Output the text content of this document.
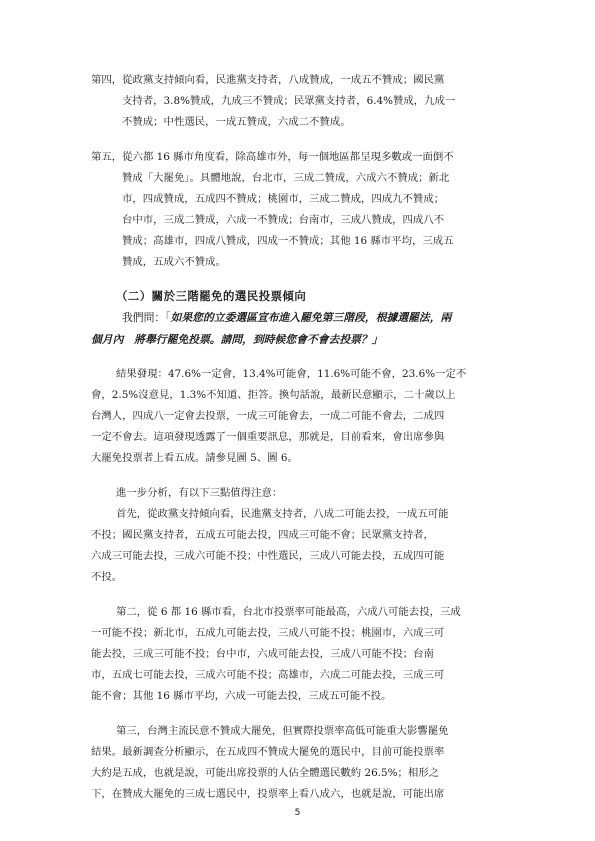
第四，從政黨支持傾向看，民進黨支持者，八成贊成，一成五不贊成；國民黨
支持者，3.8%贊成，九成三不贊成；民眾黨支持者，6.4%贊成，九成一
不贊成；中性選民，一成五贊成，六成二不贊成。
第五，從六都 16 縣市角度看，除高雄市外，每一個地區都呈現多數或一面倒不
贊成「大罷免」。具體地說，台北市，三成二贊成，六成六不贊成；新北
市，四成贊成，五成四不贊成；桃園市，三成二贊成，四成九不贊成；
台中市，三成二贊成，六成一不贊成；台南市，三成八贊成，四成八不
贊成；高雄市，四成八贊成，四成一不贊成；其他 16 縣市平均，三成五
贊成，五成六不贊成。
（二）關於三階罷免的選民投票傾向
我們問：「如果您的立委選區宣布進入罷免第三階段，根據選罷法，兩
個月內　將舉行罷免投票。請問，到時候您會不會去投票？」
結果發現：47.6%一定會，13.4%可能會，11.6%可能不會，23.6%一定不
會，2.5%沒意見，1.3%不知道、拒答。換句話說，最新民意顯示，二十歲以上
台灣人，四成八一定會去投票，一成三可能會去，一成二可能不會去，二成四
一定不會去。這項發現透露了一個重要訊息，那就是，目前看來，會出席參與
大罷免投票者上看五成。請參見圖 5、圖 6。
進一步分析，有以下三點值得注意：
首先，從政黨支持傾向看，民進黨支持者，八成二可能去投，一成五可能
不投；國民黨支持者，五成五可能去投，四成三可能不會；民眾黨支持者，
六成三可能去投，三成六可能不投；中性選民，三成八可能去投，五成四可能
不投。
第二，從 6 都 16 縣市看，台北市投票率可能最高，六成八可能去投，三成
一可能不投；新北市，五成九可能去投，三成八可能不投；桃園市，六成三可
能去投，三成三可能不投；台中市，六成可能去投，三成八可能不投；台南
市，五成七可能去投，三成六可能不投；高雄市，六成二可能去投，三成三可
能不會；其他 16 縣市平均，六成一可能去投，三成五可能不投。
第三，台灣主流民意不贊成大罷免，但實際投票率高低可能重大影響罷免
結果。最新調查分析顯示，在五成四不贊成大罷免的選民中，目前可能投票率
大約是五成，也就是說，可能出席投票的人佔全體選民數約 26.5%；相形之
下，在贊成大罷免的三成七選民中，投票率上看八成六，也就是說，可能出席
5
